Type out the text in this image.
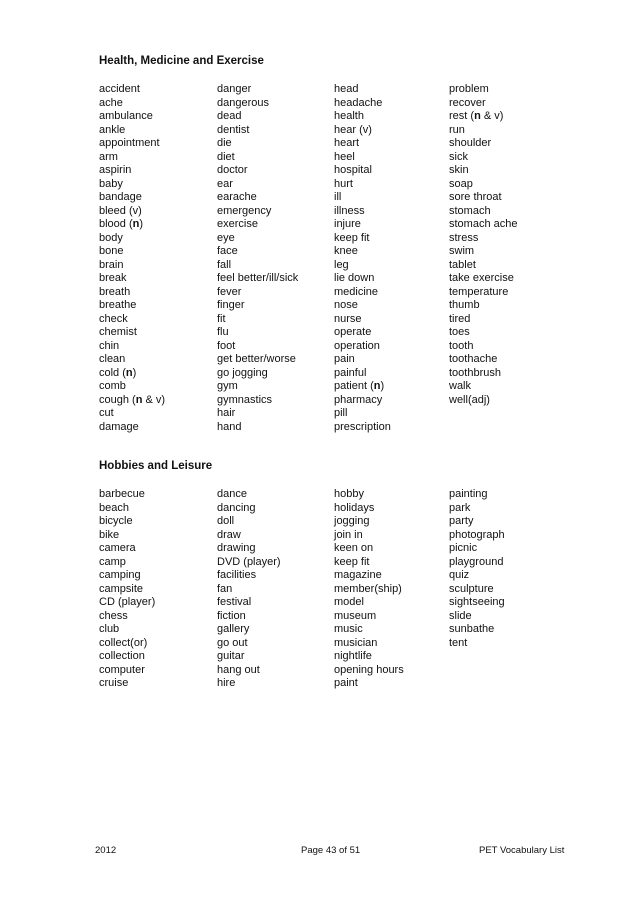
Health, Medicine and Exercise
accident
ache
ambulance
ankle
appointment
arm
aspirin
baby
bandage
bleed (v)
blood (n)
body
bone
brain
break
breath
breathe
check
chemist
chin
clean
cold (n)
comb
cough (n & v)
cut
damage
danger
dangerous
dead
dentist
die
diet
doctor
ear
earache
emergency
exercise
eye
face
fall
feel better/ill/sick
fever
finger
fit
flu
foot
get better/worse
go jogging
gym
gymnastics
hair
hand
head
headache
health
hear (v)
heart
heel
hospital
hurt
ill
illness
injure
keep fit
knee
leg
lie down
medicine
nose
nurse
operate
operation
pain
painful
patient (n)
pharmacy
pill
prescription
problem
recover
rest (n & v)
run
shoulder
sick
skin
soap
sore throat
stomach
stomach ache
stress
swim
tablet
take exercise
temperature
thumb
tired
toes
tooth
toothache
toothbrush
walk
well(adj)
Hobbies and Leisure
barbecue
beach
bicycle
bike
camera
camp
camping
campsite
CD (player)
chess
club
collect(or)
collection
computer
cruise
dance
dancing
doll
draw
drawing
DVD (player)
facilities
fan
festival
fiction
gallery
go out
guitar
hang out
hire
hobby
holidays
jogging
join in
keen on
keep fit
magazine
member(ship)
model
museum
music
musician
nightlife
opening hours
paint
painting
park
party
photograph
picnic
playground
quiz
sculpture
sightseeing
slide
sunbathe
tent
2012	Page 43 of 51	PET Vocabulary List
